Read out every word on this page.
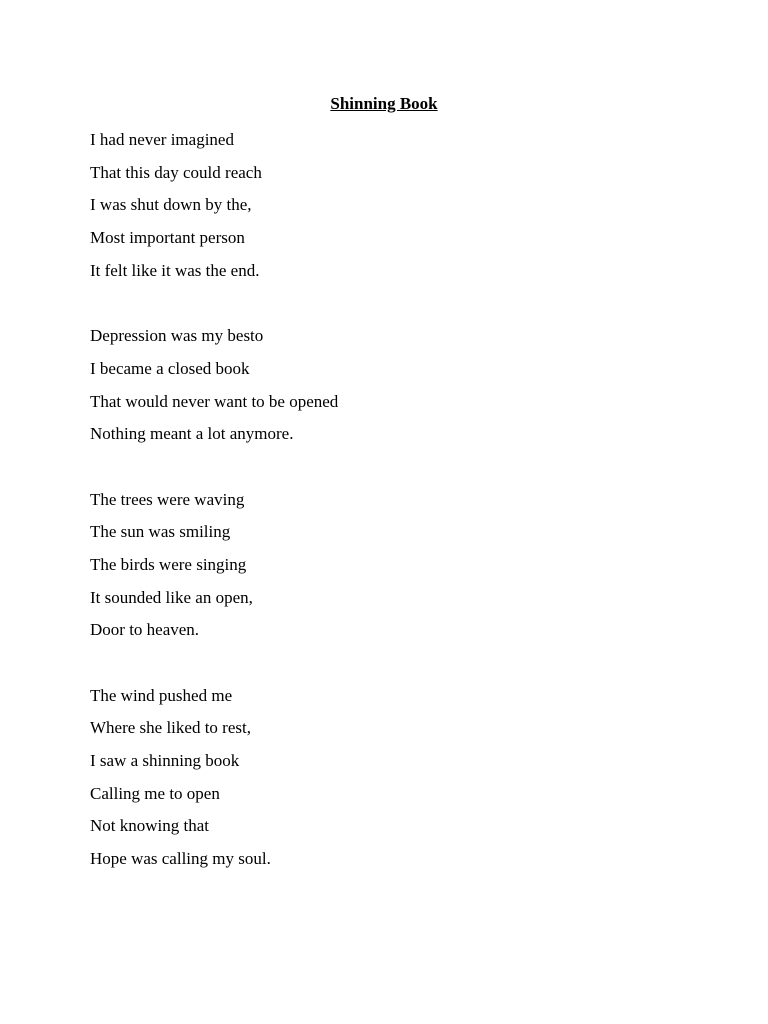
Shinning Book
I had never imagined
That this day could reach
I was shut down by the,
Most important person
It felt like it was the end.
Depression was my besto
I became a closed book
That would never want to be opened
Nothing meant a lot anymore.
The trees were waving
The sun was smiling
The birds were singing
It sounded like an open,
Door to heaven.
The wind pushed me
Where she liked to rest,
I saw a shinning book
Calling me to open
Not knowing that
Hope was calling my soul.
